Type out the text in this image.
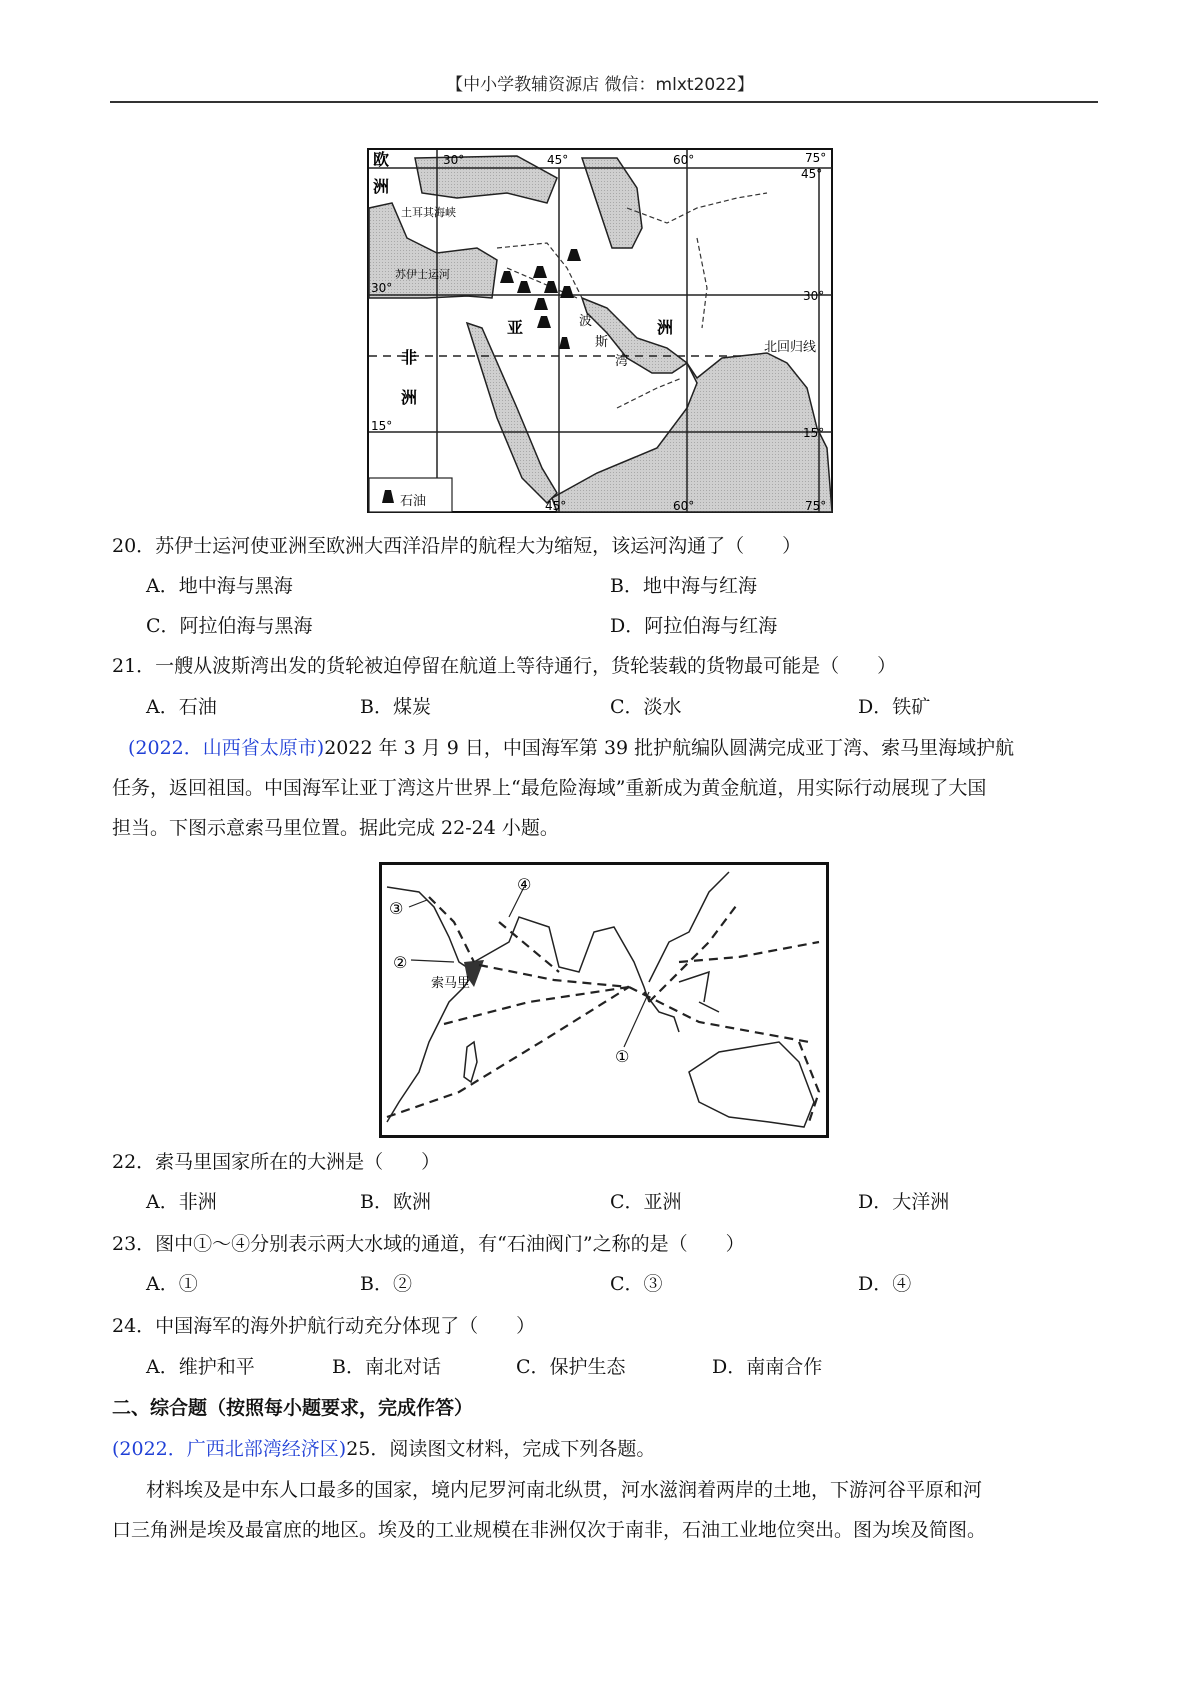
【中小学教辅资源店 微信：mlxt2022】
欧
洲
土耳其海峡
苏伊士运河
亚	洲
非
洲
波
斯
湾
北回归线
石油
30°	45°	60°	75°
45°	60°	75°
30°
15°
45°
30°
15°
20．苏伊士运河使亚洲至欧洲大西洋沿岸的航程大为缩短，该运河沟通了（　　）
A．地中海与黑海	B．地中海与红海
C．阿拉伯海与黑海	D．阿拉伯海与红海
21．一艘从波斯湾出发的货轮被迫停留在航道上等待通行，货轮装载的货物最可能是（　　）
A．石油	B．煤炭	C．淡水	D．铁矿
(2022．山西省太原市)2022 年 3 月 9 日，中国海军第 39 批护航编队圆满完成亚丁湾、索马里海域护航
任务，返回祖国。中国海军让亚丁湾这片世界上“最危险海域”重新成为黄金航道，用实际行动展现了大国
担当。下图示意索马里位置。据此完成 22-24 小题。
③
②
④
①
索马里
22．索马里国家所在的大洲是（　　）
A．非洲	B．欧洲	C．亚洲	D．大洋洲
23．图中①～④分别表示两大水域的通道，有“石油阀门”之称的是（　　）
A．①	B．②	C．③	D．④
24．中国海军的海外护航行动充分体现了（　　）
A．维护和平	B．南北对话	C．保护生态	D．南南合作
二、综合题（按照每小题要求，完成作答）
(2022．广西北部湾经济区)25．阅读图文材料，完成下列各题。
材料埃及是中东人口最多的国家，境内尼罗河南北纵贯，河水滋润着两岸的土地，下游河谷平原和河
口三角洲是埃及最富庶的地区。埃及的工业规模在非洲仅次于南非，石油工业地位突出。图为埃及简图。
